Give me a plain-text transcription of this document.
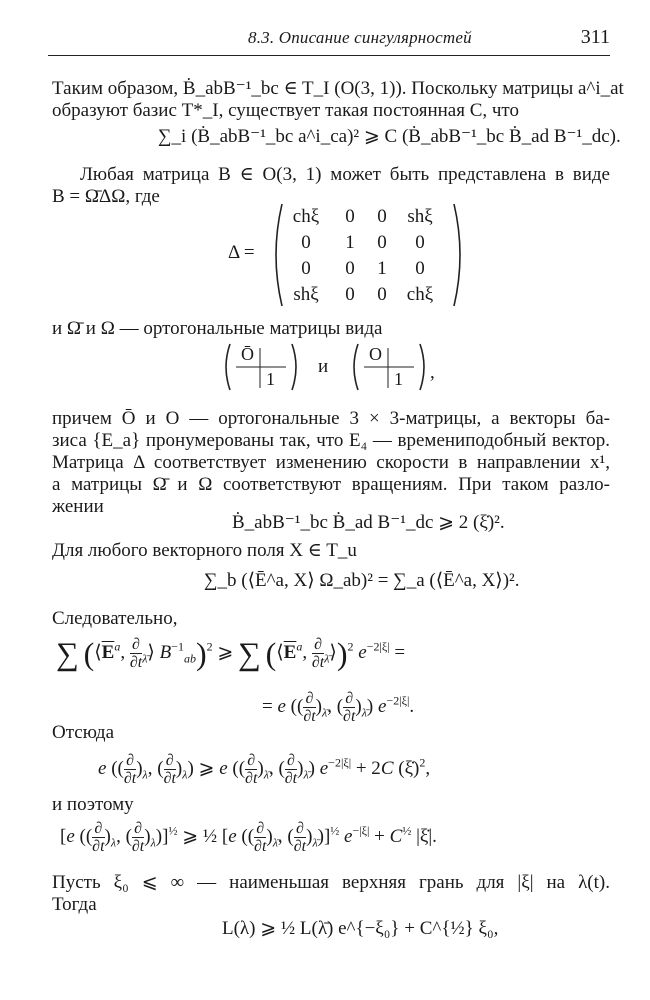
8.3. Описание сингулярностей	311
Таким образом, Ḃ_abB⁻¹_bc ∈ T_I (O(3, 1)). Поскольку матрицы a^i_at
образуют базис T*_I, существует такая постоянная C, что
∑_i (Ḃ_abB⁻¹_bc a^i_ca)² ⩾ C (Ḃ_abB⁻¹_bc Ḃ_ad B⁻¹_dc).
Любая матрица B ∈ O(3, 1) может быть представлена в виде
B = Ω̄ΔΩ, где
Δ =
chξ	0	0	shξ
0	1	0	0
0	0	1	0
shξ	0	0	chξ
и Ω̄ и Ω — ортогональные матрицы вида
Ō
1
и
O
1 ,
причем Ō и O — ортогональные 3 × 3-матрицы, а векторы ба-
зиса {E_a} пронумерованы так, что E₄ — времениподобный вектор.
Матрица Δ соответствует изменению скорости в направлении x¹,
а матрицы Ω̄ и Ω соответствуют вращениям. При таком разло-
жении
Ḃ_abB⁻¹_bc Ḃ_ad B⁻¹_dc ⩾ 2 (ξ̇)².
Для любого векторного поля X ∈ T_u
∑_b (⟨Ē^a, X⟩ Ω_ab)² = ∑_a (⟨Ē^a, X⟩)².
Следовательно,
∑ ($⟨\overline{E}^a$, $\frac{\partial}{\partial t}$ $_{\lambdā}$⟩ $B^{-1}_{ab})^2$ ⩾ ∑ ($⟨\overline{E}^a$, $\frac{\partial}{\partial t}$ $_{\lambdā}$⟩)$^2$ $e^{-2|\xi|}$ =
= e (( $\frac{\partial}{\partial t} )_{\lambdā}$, ( $\frac{\partial}{\partial t} )_{\lambdā}$) $e^{-2|\xi|}$.
Отсюда
e (( $\frac{\partial}{\partial t} )_\lambda$, ( $\frac{\partial}{\partial t} )_\lambda$) ⩾ e (( $\frac{\partial}{\partial t} )_{\lambdā}$, ( $\frac{\partial}{\partial t} )_{\lambdā}$) $e^{-2|\xi|} + 2C$ (ξ̇)$^2$,
и поэтому
[e (( $\frac{\partial}{\partial t} )_\lambda$, ( $\frac{\partial}{\partial t} )_\lambda)]^{\frac{1}{2}}$ ⩾ ½ [e (( $\frac{\partial}{\partial t} )_{\lambdā}$, ( $\frac{\partial}{\partial t} )_{\lambdā})]^{\frac{1}{2}}$ $e^{-|\xi|} + C^{\frac{1}{2}}$ |ξ̇|.
Пусть ξ₀ ⩽ ∞ — наименьшая верхняя грань для |ξ| на λ(t).
Тогда
L(λ) ⩾ ½ L(λ̄) e^{−ξ₀} + C^{½} ξ₀,
